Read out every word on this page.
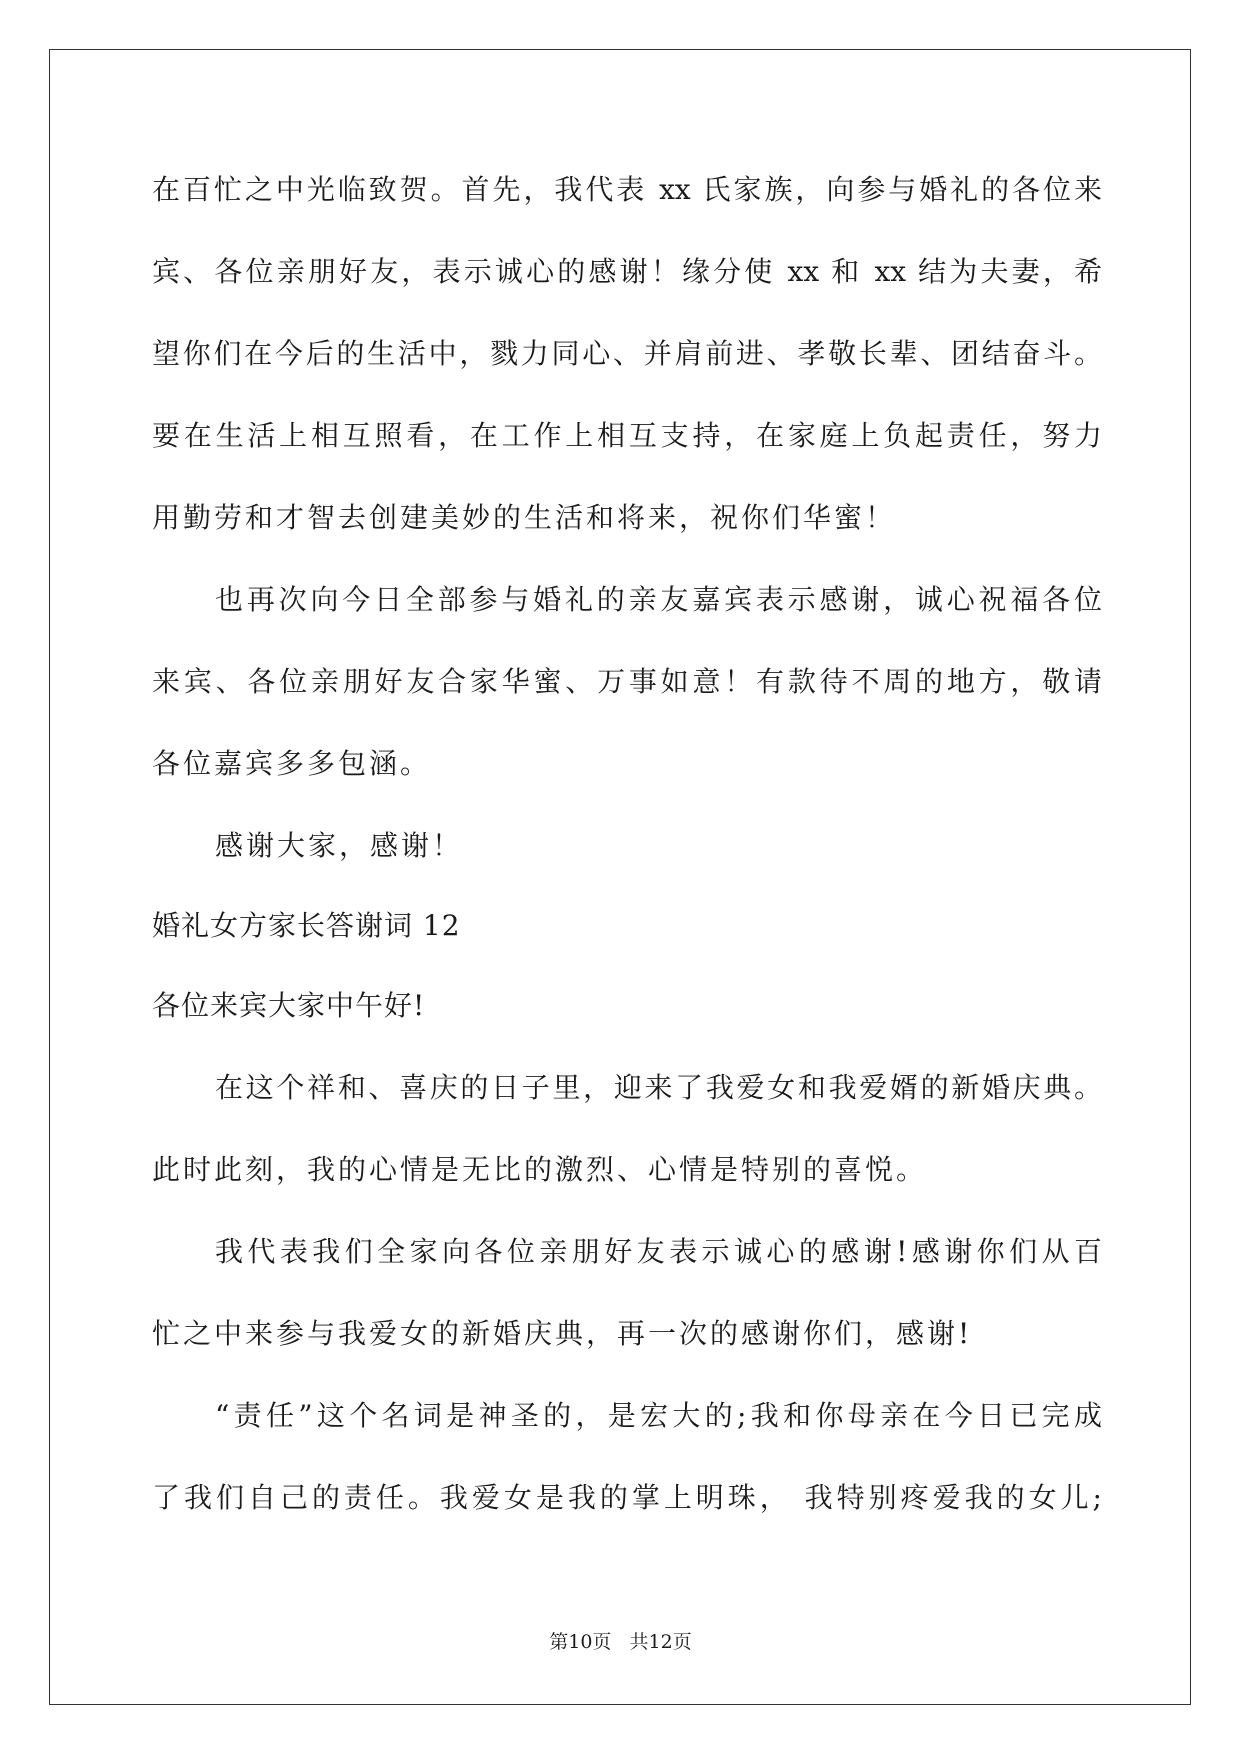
在百忙之中光临致贺。首先，我代表 xx 氏家族，向参与婚礼的各位来
宾、各位亲朋好友，表示诚心的感谢！缘分使 xx 和 xx 结为夫妻，希
望你们在今后的生活中，戮力同心、并肩前进、孝敬长辈、团结奋斗。
要在生活上相互照看，在工作上相互支持，在家庭上负起责任，努力
用勤劳和才智去创建美妙的生活和将来，祝你们华蜜！
也再次向今日全部参与婚礼的亲友嘉宾表示感谢，诚心祝福各位
来宾、各位亲朋好友合家华蜜、万事如意！有款待不周的地方，敬请
各位嘉宾多多包涵。
感谢大家，感谢！
婚礼女方家长答谢词 12
各位来宾大家中午好!
在这个祥和、喜庆的日子里，迎来了我爱女和我爱婿的新婚庆典。
此时此刻，我的心情是无比的激烈、心情是特别的喜悦。
我代表我们全家向各位亲朋好友表示诚心的感谢!感谢你们从百
忙之中来参与我爱女的新婚庆典，再一次的感谢你们，感谢!
“责任”这个名词是神圣的，是宏大的;我和你母亲在今日已完成
了我们自己的责任。我爱女是我的掌上明珠， 我特别疼爱我的女儿;
第10页   共12页
